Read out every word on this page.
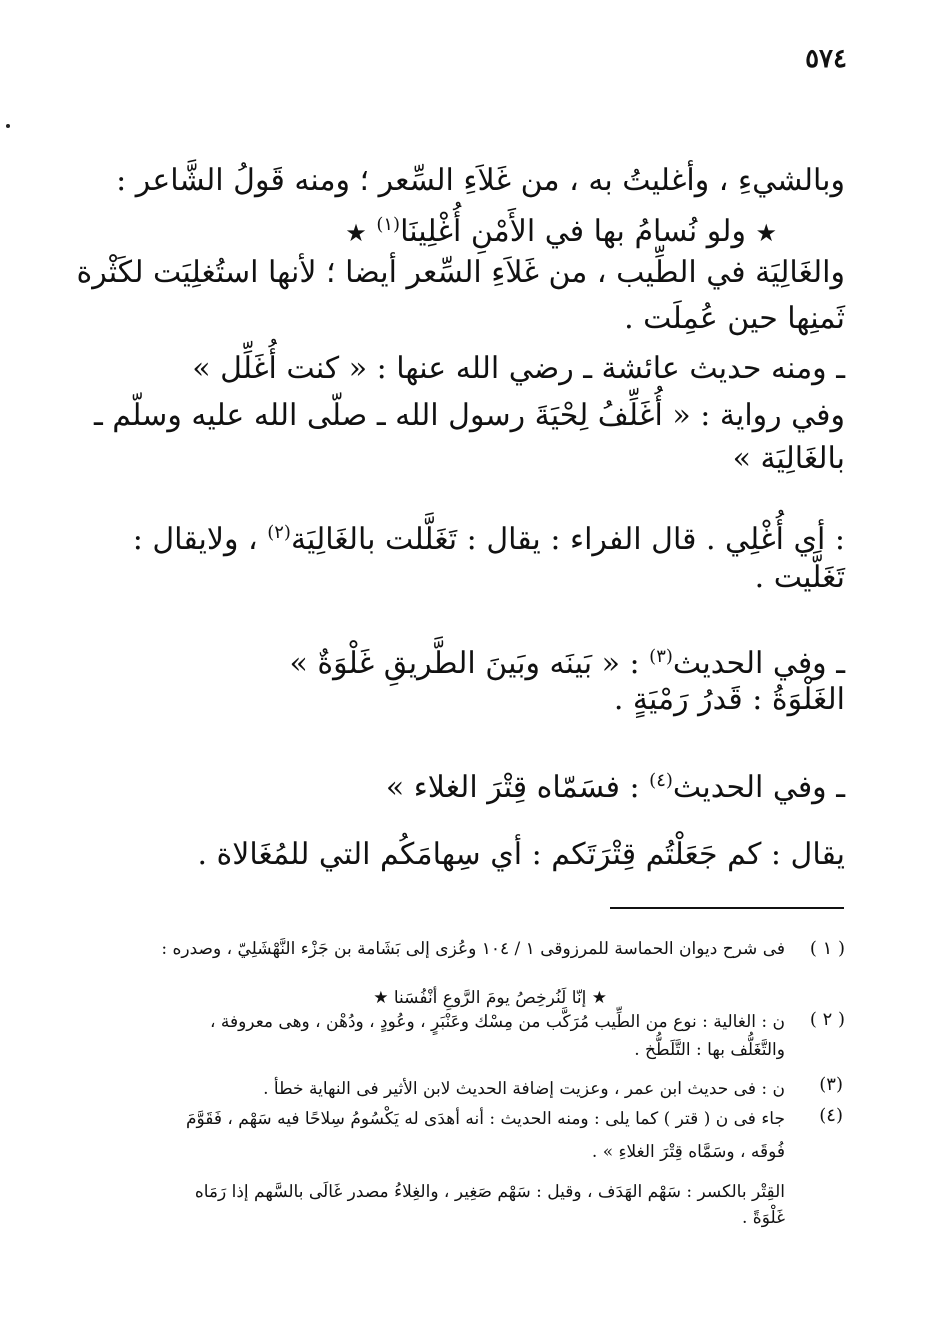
٥٧٤
وبالشيءِ ، وأغليتُ به ، من غَلاَءِ السِّعر ؛ ومنه قَولُ الشَّاعر :
★ ولو نُسامُ بها في الأَمْنِ أُغْلِينَا$^{(١)}$ ★
والغَالِيَة في الطِّيب ، من غَلاَءِ السِّعر أيضا ؛ لأنها استُغلِيَت لكَثْرة
ثَمنِها حين عُمِلَت .
ـ ومنه حديث عائشة ـ رضي الله عنها : « كنت أُغَلِّل »
وفي رواية : « أُغَلِّفُ لِحْيَةَ رسول الله ـ صلّى الله عليه وسلّم ـ
بالغَالِيَة »
: أي أُغْلِي . قال الفراء : يقال : تَغَلَّلت بالغَالِيَة$^{(٢)}$ ، ولايقال :
تَغَلَّيت .
ـ وفي الحديث$^{(٣)}$ : « بَينَه وبَينَ الطَّريقِ غَلْوَةٌ »
الغَلْوَةُ : قَدرُ رَمْيَةٍ .
ـ وفي الحديث$^{(٤)}$ : فسَمّاه قِتْرَ الغلاء »
يقال : كم جَعَلْتُم قِتْرَتَكم : أي سِهامَكُم التي للمُغَالاة .
( ١ )
فى شرح ديوان الحماسة للمرزوقى ١ / ١٠٤ وعُزى إلى بَشَامة بن جَزْء النَّهْشَلِيّ ، وصدره :
★ إنّا لَنُرخِصُ يومَ الرَّوعِ أنْفُسَنا ★
( ٢ )
ن : الغالية : نوع من الطِّيب مُرَكَّب من مِسْك وعَنْبَرٍ ، وعُودٍ ، ودُهْن ، وهى معروفة ،
والتَّغَلُّف بها : التَّلَطُّخ .
(٣)
ن : فى حديث ابن عمر ، وعزيت إضافة الحديث لابن الأثير فى النهاية خطأ .
(٤)
جاء فى ن ( قتر ) كما يلى : ومنه الحديث : أنه أهدَى له يَكْسُومُ سِلاحًا فيه سَهْم ، فَقَوَّمَ
فُوقَه ، وسَمَّاه قِتْرَ الغلاءِ » .
القِتْر بالكسر : سَهْم الهَدَف ، وقيل : سَهْم صَغِير ، والغِلاءُ مصدر غَالَى بالسَّهم إذا رَمَاه
غَلْوَةً .
